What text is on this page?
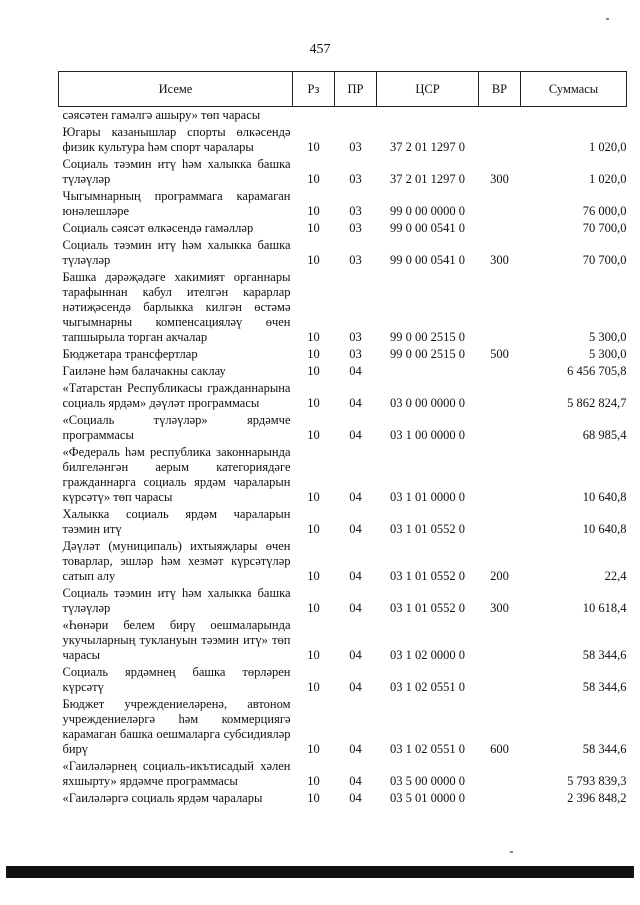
457
Исеме	Рз	ПР	ЦСР	ВР	Суммасы
сәясәтен гамәлгә ашыру» төп чарасы					
Югары казанышлар спорты өлкәсендә физик культура һәм спорт чаралары	10	03	37 2 01 1297 0		1 020,0
Социаль тәэмин итү һәм халыкка башка түләүләр	10	03	37 2 01 1297 0	300	1 020,0
Чыгымнарның программага карамаган юнәлешләре	10	03	99 0 00 0000 0		76 000,0
Социаль сәясәт өлкәсендә гамәлләр	10	03	99 0 00 0541 0		70 700,0
Социаль тәэмин итү һәм халыкка башка түләүләр	10	03	99 0 00 0541 0	300	70 700,0
Башка дәрәҗәдәге хакимият органнары тарафыннан кабул ителгән карарлар нәтиҗәсендә барлыкка килгән өстәмә чыгымнарны компенсацияләү өчен тапшырыла торган акчалар	10	03	99 0 00 2515 0		5 300,0
Бюджетара трансфертлар	10	03	99 0 00 2515 0	500	5 300,0
Гаиләне һәм балачакны саклау	10	04			6 456 705,8
«Татарстан Республикасы гражданнарына социаль ярдәм» дәүләт программасы	10	04	03 0 00 0000 0		5 862 824,7
«Социаль түләүләр» ярдәмче программасы	10	04	03 1 00 0000 0		68 985,4
«Федераль һәм республика законнарында билгеләнгән аерым категориядәге гражданнарга социаль ярдәм чараларын күрсәтү» төп чарасы	10	04	03 1 01 0000 0		10 640,8
Халыкка социаль ярдәм чараларын тәэмин итү	10	04	03 1 01 0552 0		10 640,8
Дәүләт (муниципаль) ихтыяҗлары өчен товарлар, эшләр һәм хезмәт күрсәтүләр сатып алу	10	04	03 1 01 0552 0	200	22,4
Социаль тәэмин итү һәм халыкка башка түләүләр	10	04	03 1 01 0552 0	300	10 618,4
«Һөнәри белем бирү оешмаларында укучыларның туклануын тәэмин итү» төп чарасы	10	04	03 1 02 0000 0		58 344,6
Социаль ярдәмнең башка төрләрен күрсәтү	10	04	03 1 02 0551 0		58 344,6
Бюджет учреждениеләренә, автоном учреждениеләргә һәм коммерциягә карамаган башка оешмаларга субсидияләр бирү	10	04	03 1 02 0551 0	600	58 344,6
«Гаиләләрнең социаль-икътисадый хәлен яхшырту» ярдәмче программасы	10	04	03 5 00 0000 0		5 793 839,3
«Гаиләләргә социаль ярдәм чаралары	10	04	03 5 01 0000 0		2 396 848,2
